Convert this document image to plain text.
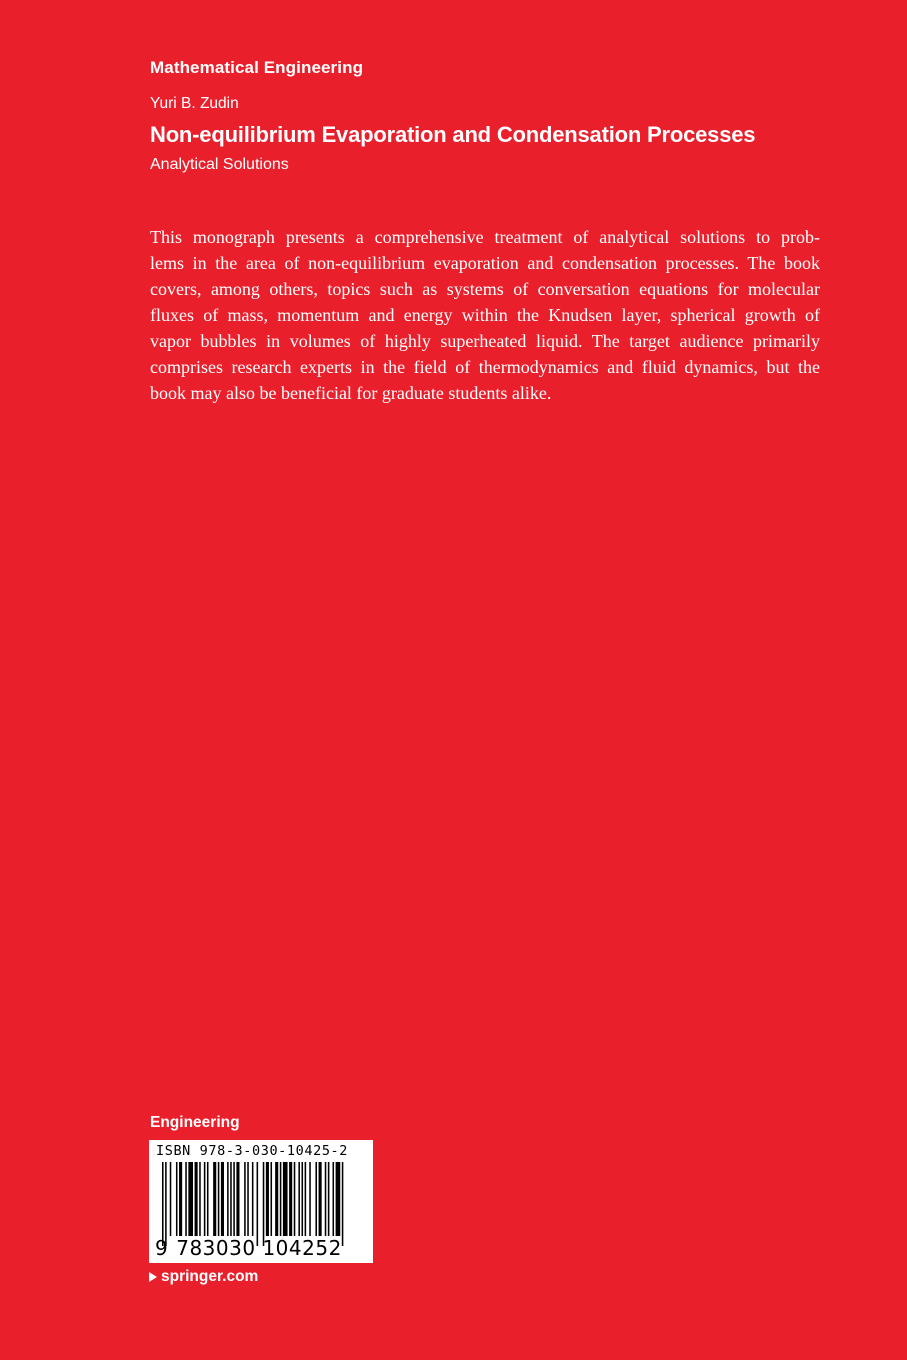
Mathematical Engineering
Yuri B. Zudin
Non-equilibrium Evaporation and Condensation Processes
Analytical Solutions
This monograph presents a comprehensive treatment of analytical solutions to prob-
lems in the area of non-equilibrium evaporation and condensation processes. The book
covers, among others, topics such as systems of conversation equations for molecular
fluxes of mass, momentum and energy within the Knudsen layer, spherical growth of
vapor bubbles in volumes of highly superheated liquid. The target audience primarily
comprises research experts in the field of thermodynamics and fluid dynamics, but the
book may also be beneficial for graduate students alike.
Engineering
ISBN 978-3-030-10425-2
9 783030 104252
springer.com
